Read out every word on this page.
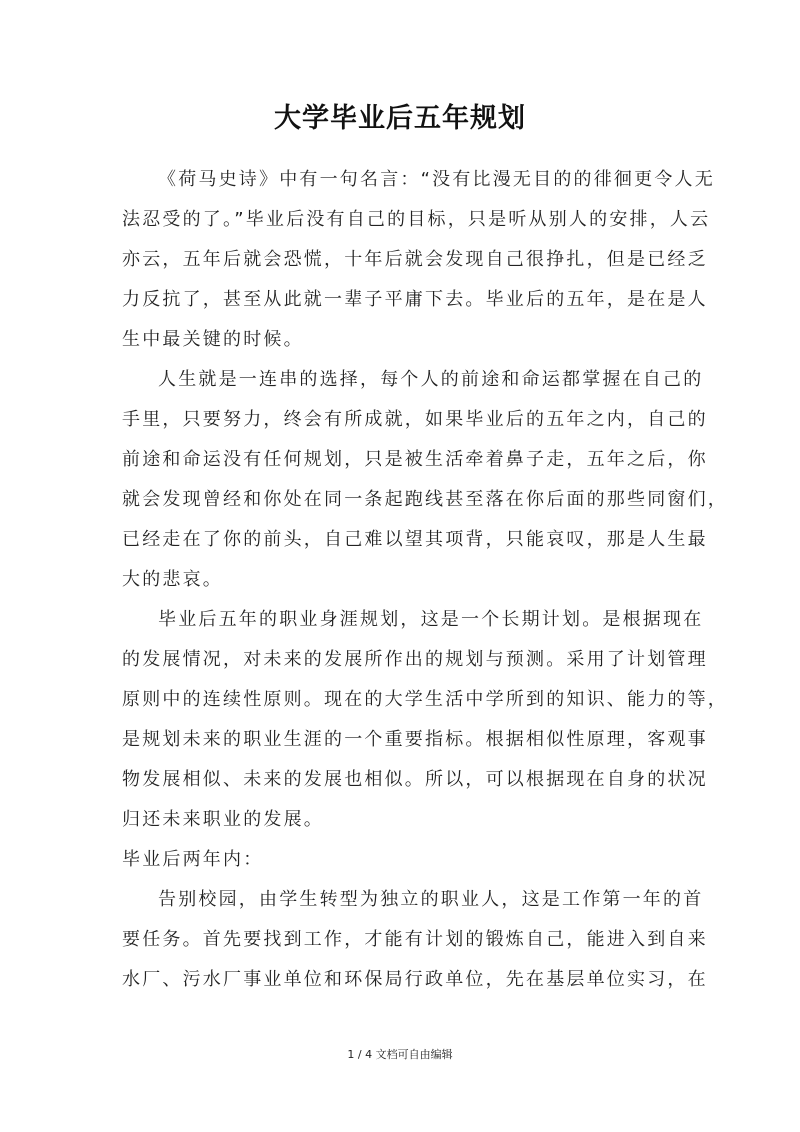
大学毕业后五年规划
《荷马史诗》中有一句名言：“没有比漫无目的的徘徊更令人无
法忍受的了。”毕业后没有自己的目标，只是听从别人的安排，人云
亦云，五年后就会恐慌，十年后就会发现自己很挣扎，但是已经乏
力反抗了，甚至从此就一辈子平庸下去。毕业后的五年，是在是人
生中最关键的时候。
人生就是一连串的选择，每个人的前途和命运都掌握在自己的
手里，只要努力，终会有所成就，如果毕业后的五年之内，自己的
前途和命运没有任何规划，只是被生活牵着鼻子走，五年之后，你
就会发现曾经和你处在同一条起跑线甚至落在你后面的那些同窗们，
已经走在了你的前头，自己难以望其项背，只能哀叹，那是人生最
大的悲哀。
毕业后五年的职业身涯规划，这是一个长期计划。是根据现在
的发展情况，对未来的发展所作出的规划与预测。采用了计划管理
原则中的连续性原则。现在的大学生活中学所到的知识、能力的等，
是规划未来的职业生涯的一个重要指标。根据相似性原理，客观事
物发展相似、未来的发展也相似。所以，可以根据现在自身的状况
归还未来职业的发展。
毕业后两年内：
告别校园，由学生转型为独立的职业人，这是工作第一年的首
要任务。首先要找到工作，才能有计划的锻炼自己，能进入到自来
水厂、污水厂事业单位和环保局行政单位，先在基层单位实习，在
1 / 4 文档可自由编辑
